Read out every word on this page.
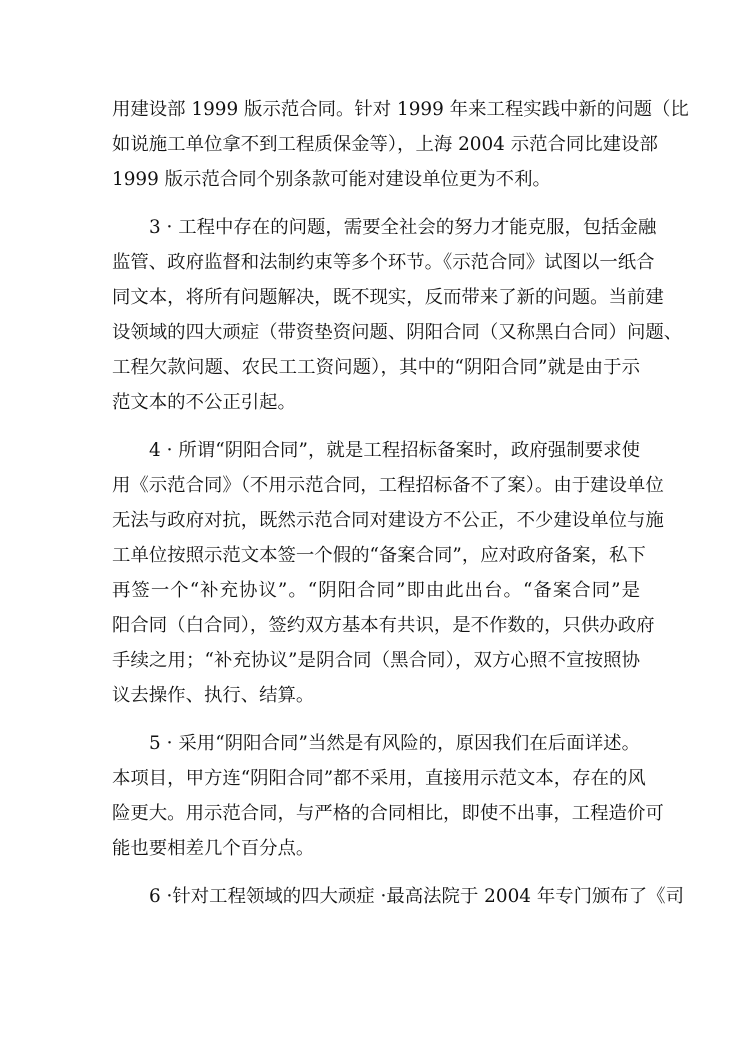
用建设部 1999 版示范合同。针对 1999 年来工程实践中新的问题（比
如说施工单位拿不到工程质保金等），上海 2004 示范合同比建设部
1999 版示范合同个别条款可能对建设单位更为不利。
3 · 工程中存在的问题，需要全社会的努力才能克服，包括金融
监管、政府监督和法制约束等多个环节。《示范合同》试图以一纸合
同文本，将所有问题解决，既不现实，反而带来了新的问题。当前建
设领域的四大顽症（带资垫资问题、阴阳合同（又称黑白合同）问题、
工程欠款问题、农民工工资问题），其中的“阴阳合同”就是由于示
范文本的不公正引起。
4 · 所谓“阴阳合同”，就是工程招标备案时，政府强制要求使
用《示范合同》（不用示范合同，工程招标备不了案）。由于建设单位
无法与政府对抗，既然示范合同对建设方不公正，不少建设单位与施
工单位按照示范文本签一个假的“备案合同”，应对政府备案，私下
再签一个“补充协议”。“阴阳合同”即由此出台。“备案合同”是
阳合同（白合同），签约双方基本有共识，是不作数的，只供办政府
手续之用；“补充协议”是阴合同（黑合同），双方心照不宣按照协
议去操作、执行、结算。
5 · 采用“阴阳合同”当然是有风险的，原因我们在后面详述。
本项目，甲方连“阴阳合同”都不采用，直接用示范文本，存在的风
险更大。用示范合同，与严格的合同相比，即使不出事，工程造价可
能也要相差几个百分点。
6 ·针对工程领域的四大顽症 ·最高法院于 2004 年专门颁布了《司
